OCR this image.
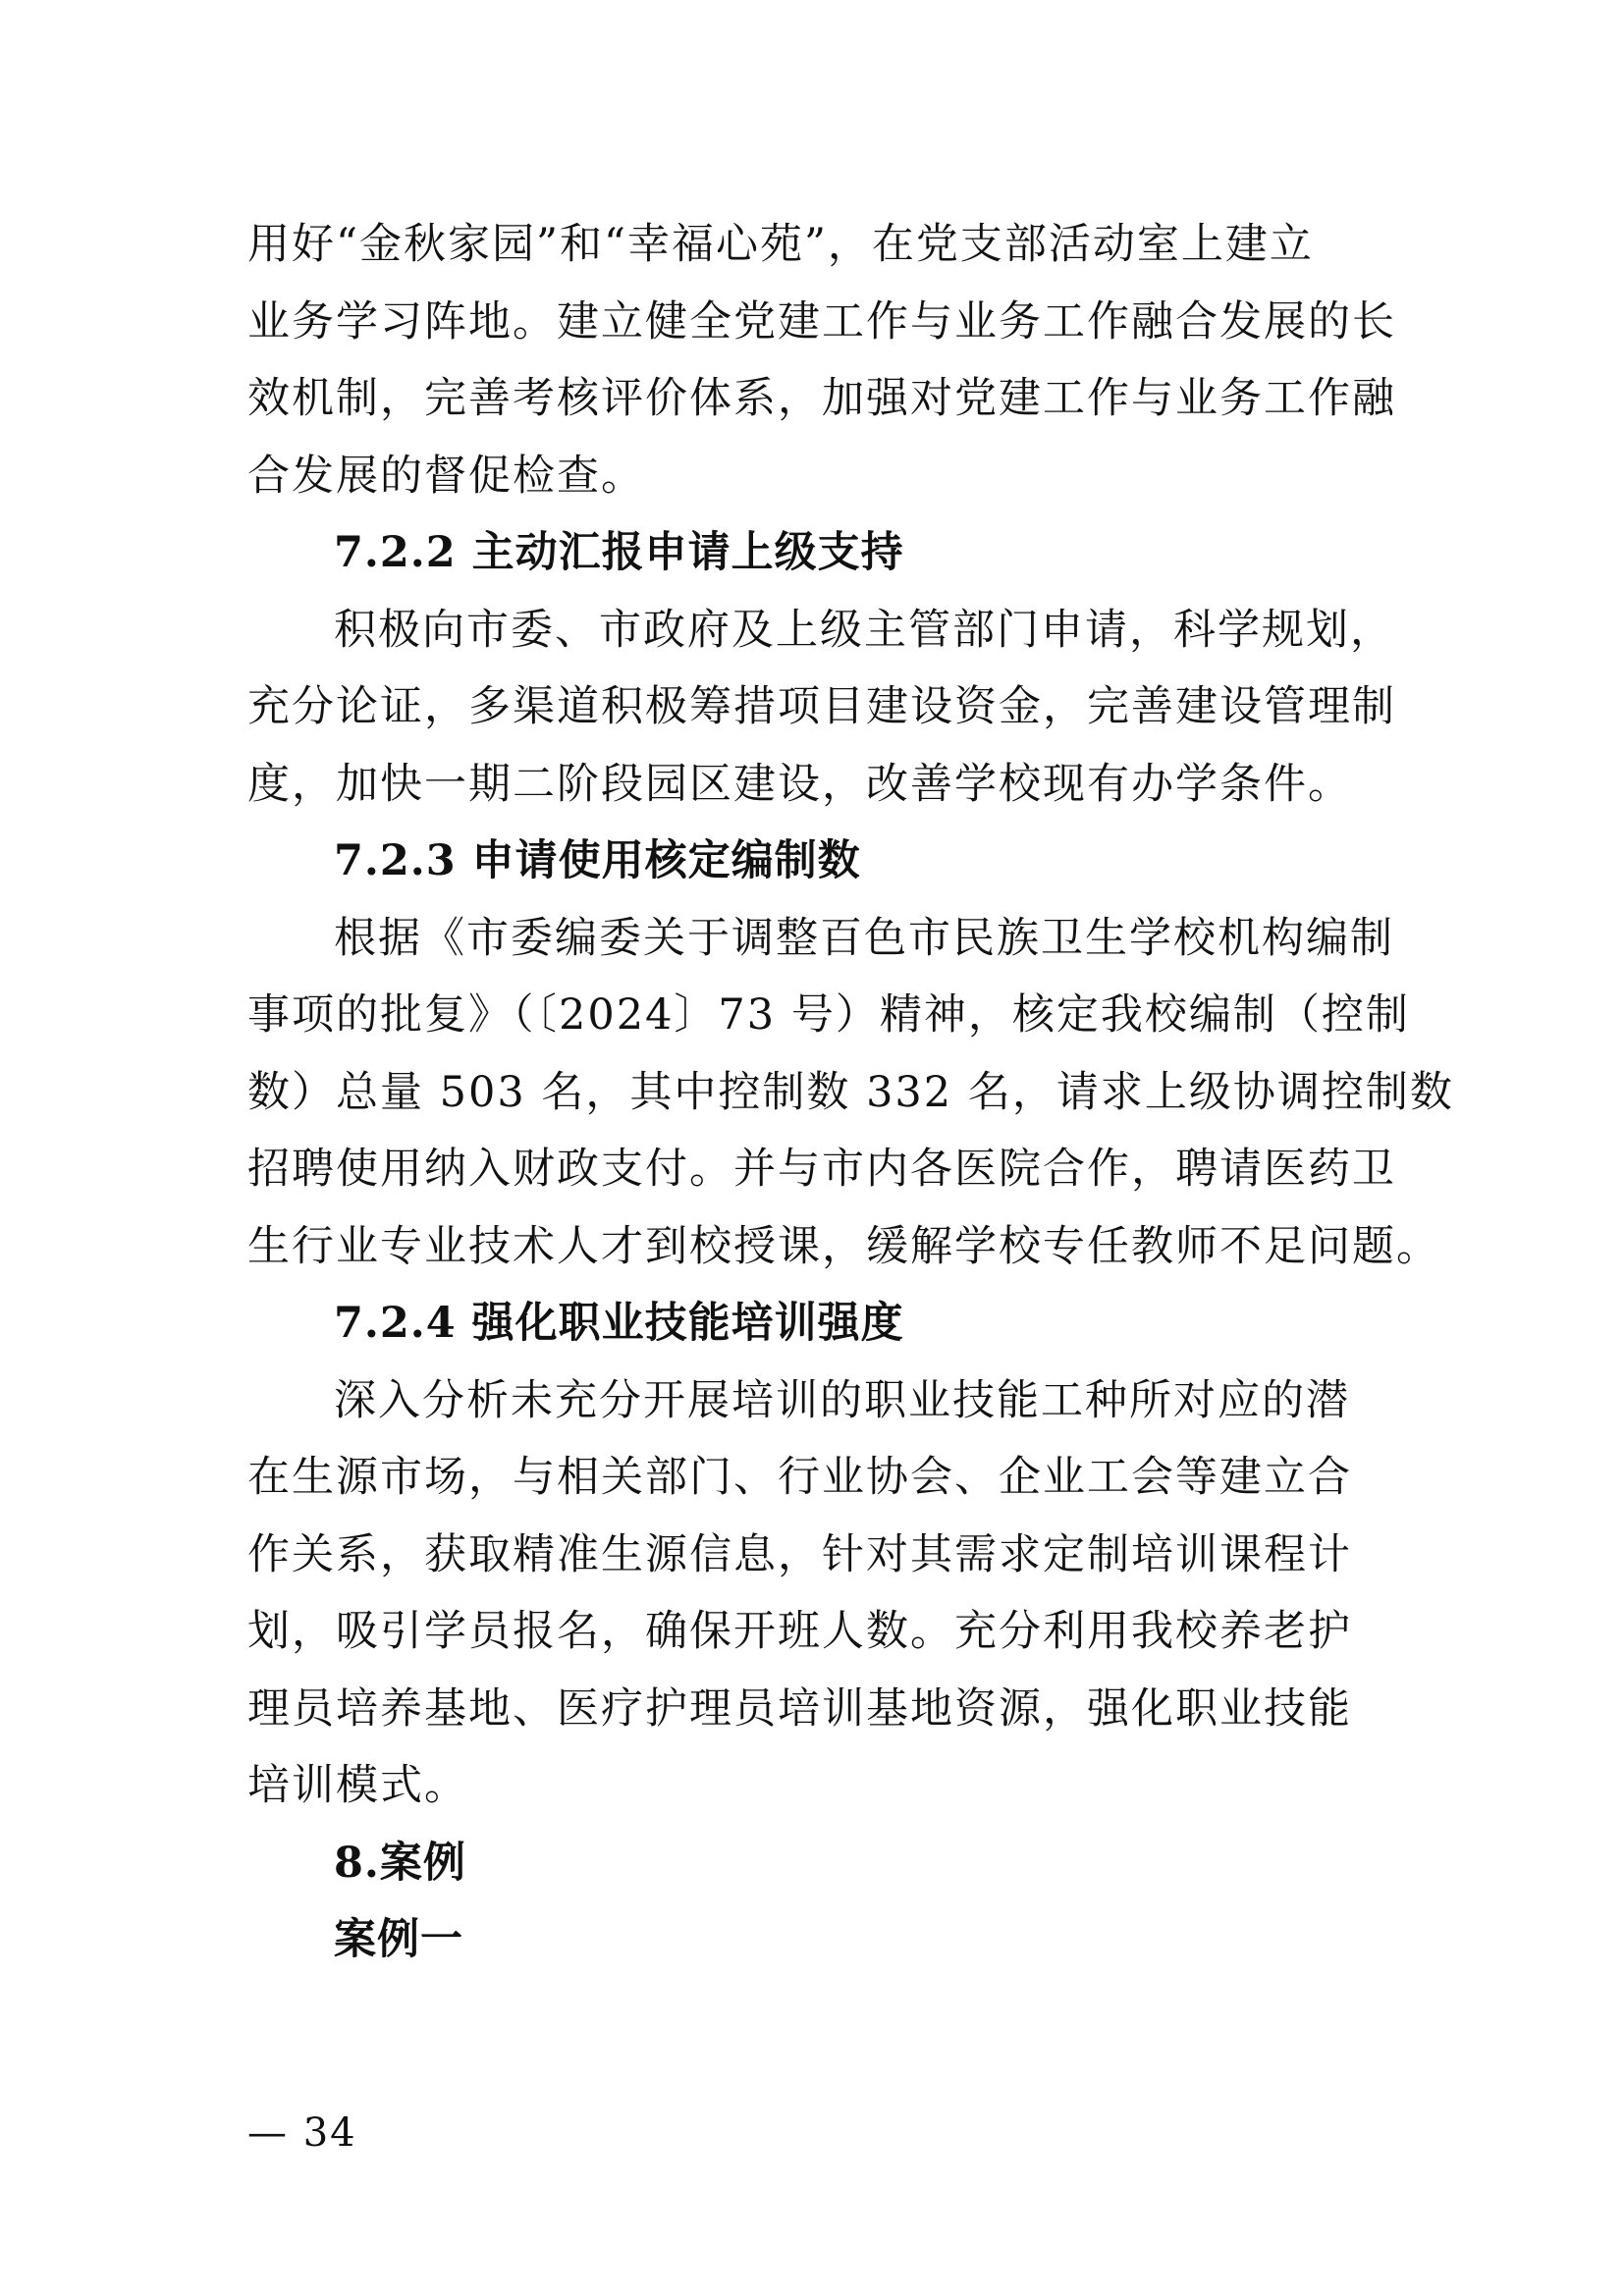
用好“金秋家园”和“幸福心苑”，在党支部活动室上建立
业务学习阵地。建立健全党建工作与业务工作融合发展的长
效机制，完善考核评价体系，加强对党建工作与业务工作融
合发展的督促检查。

7.2.2 主动汇报申请上级支持

积极向市委、市政府及上级主管部门申请，科学规划，
充分论证，多渠道积极筹措项目建设资金，完善建设管理制
度，加快一期二阶段园区建设，改善学校现有办学条件。

7.2.3 申请使用核定编制数

根据《市委编委关于调整百色市民族卫生学校机构编制
事项的批复》（〔2024〕73 号）精神，核定我校编制（控制
数）总量 503 名，其中控制数 332 名，请求上级协调控制数
招聘使用纳入财政支付。并与市内各医院合作，聘请医药卫
生行业专业技术人才到校授课，缓解学校专任教师不足问题。

7.2.4 强化职业技能培训强度

深入分析未充分开展培训的职业技能工种所对应的潜
在生源市场，与相关部门、行业协会、企业工会等建立合
作关系，获取精准生源信息，针对其需求定制培训课程计
划，吸引学员报名，确保开班人数。充分利用我校养老护
理员培养基地、医疗护理员培训基地资源，强化职业技能
培训模式。

8.案例
案例一
— 34
